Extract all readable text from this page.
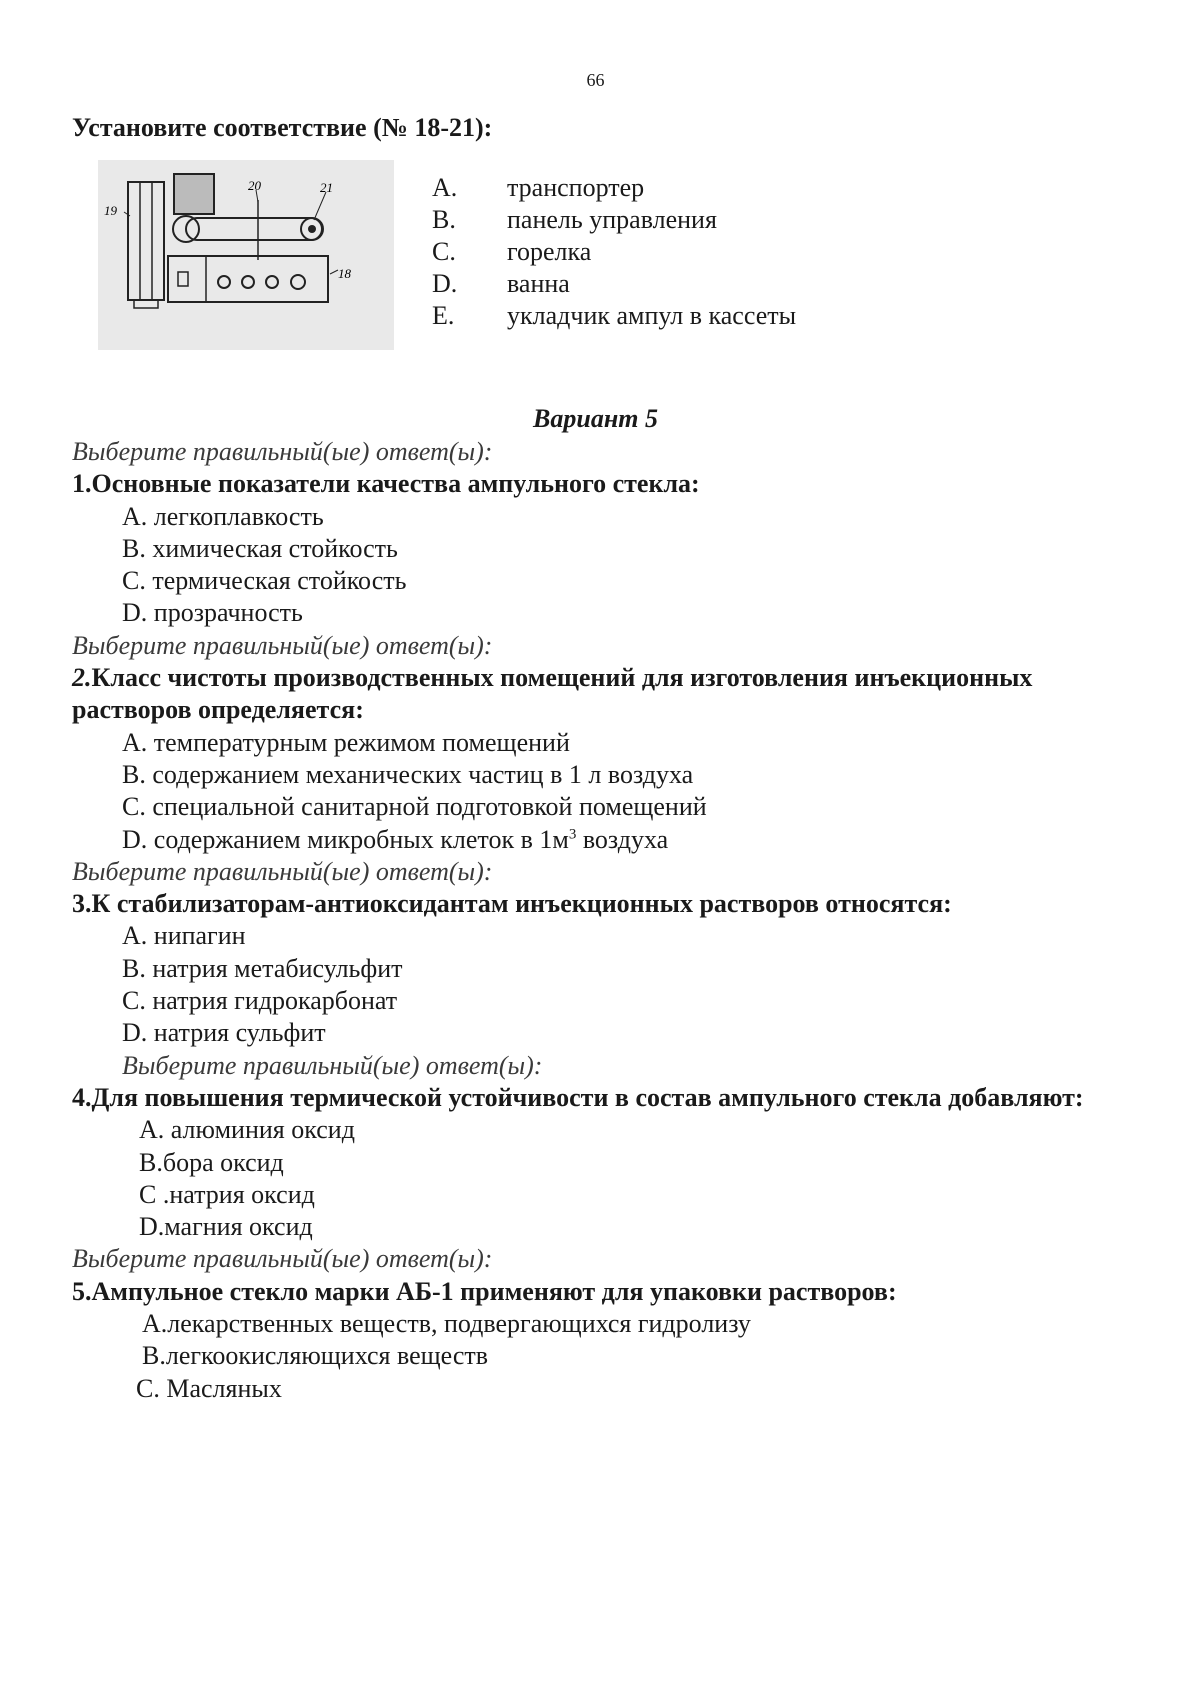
66
Установите соответствие (№ 18-21):
19
20	21
18
A.	транспортер
B.	панель управления
C.	горелка
D.	ванна
E.	укладчик ампул в кассеты
Вариант 5
Выберите правильный(ые) ответ(ы):
1.Основные показатели качества ампульного стекла:
A. легкоплавкость
B. химическая стойкость
C. термическая стойкость
D. прозрачность
Выберите правильный(ые) ответ(ы):
2.Класс чистоты производственных помещений для изготовления инъекционных растворов определяется:
A. температурным режимом помещений
B. содержанием механических частиц в 1 л воздуха
C. специальной санитарной подготовкой помещений
D. содержанием микробных клеток в $1м^3$ воздуха
Выберите правильный(ые) ответ(ы):
3.К стабилизаторам-антиоксидантам инъекционных растворов относятся:
A. нипагин
B. натрия метабисульфит
C. натрия гидрокарбонат
D. натрия сульфит
Выберите правильный(ые) ответ(ы):
4.Для повышения термической устойчивости в состав ампульного стекла добавляют:
A. алюминия оксид
B.бора оксид
C .натрия оксид
D.магния оксид
Выберите правильный(ые) ответ(ы):
5.Ампульное стекло марки АБ-1 применяют для упаковки растворов:
A.лекарственных веществ, подвергающихся гидролизу
B.легкоокисляющихся веществ
C. Масляных
